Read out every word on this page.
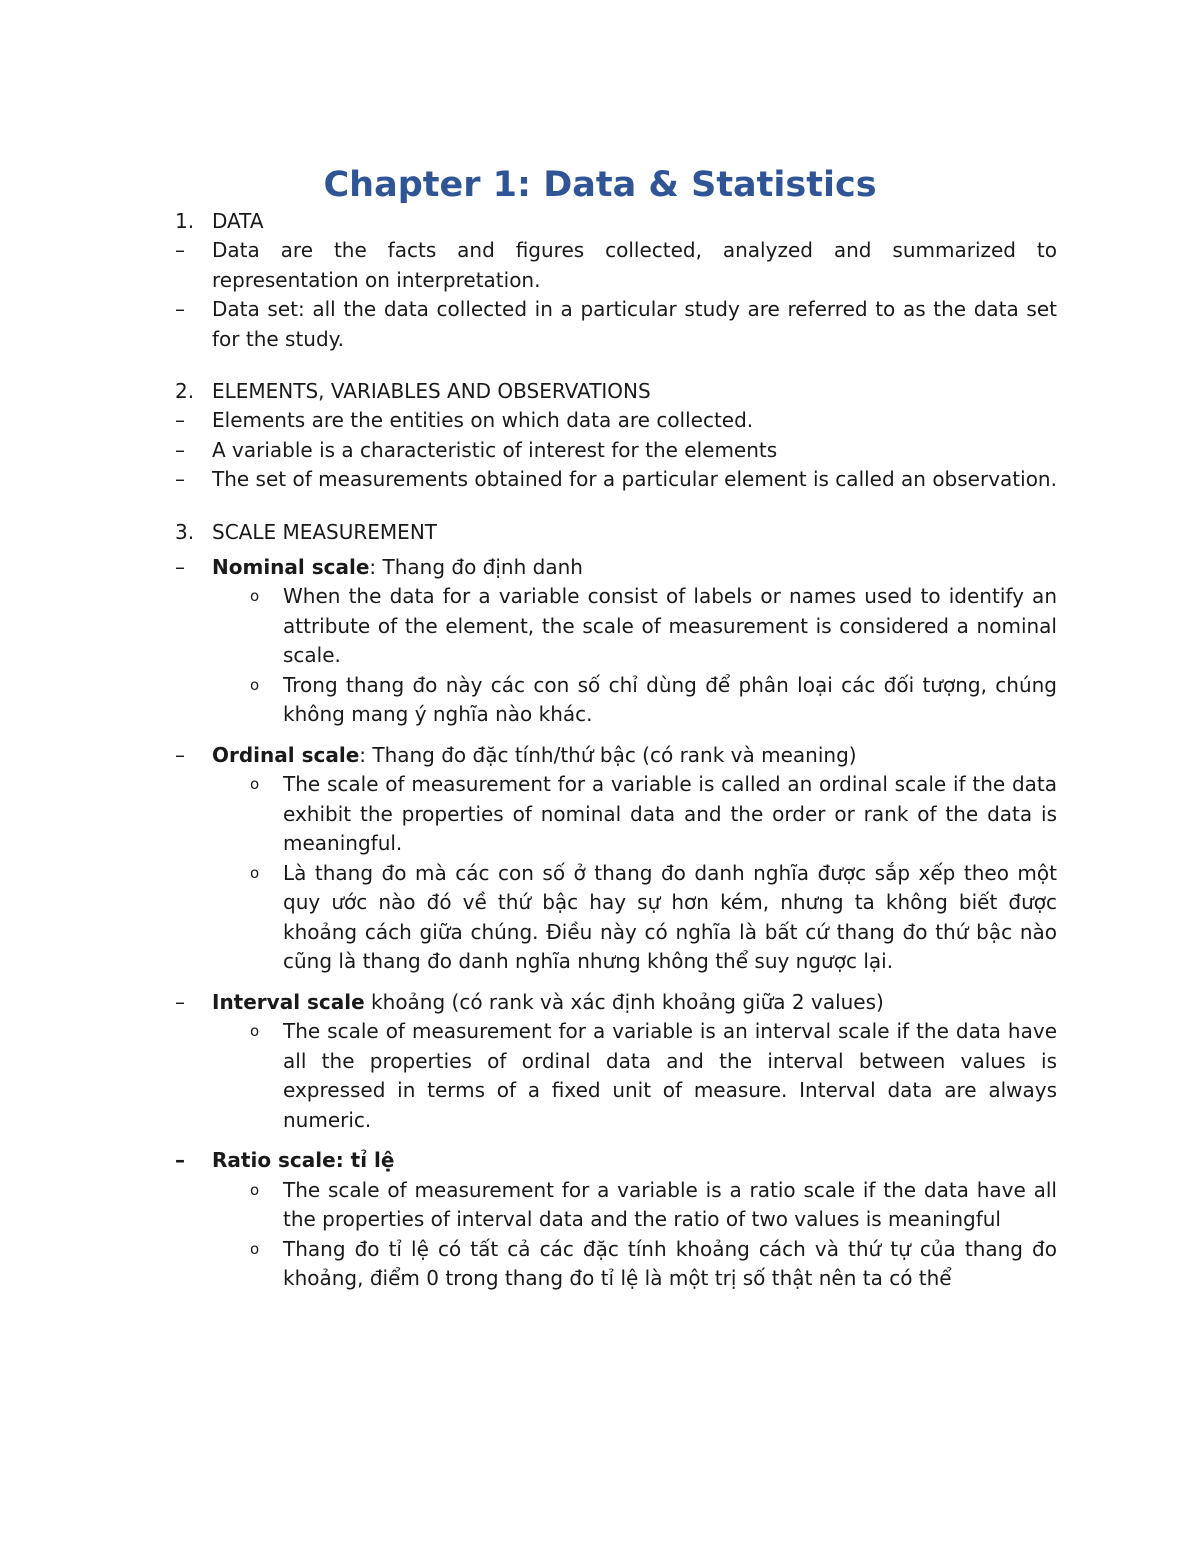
Chapter 1: Data & Statistics
1. DATA
– Data are the facts and figures collected, analyzed and summarized to representation on interpretation.
– Data set: all the data collected in a particular study are referred to as the data set for the study.
2. ELEMENTS, VARIABLES AND OBSERVATIONS
– Elements are the entities on which data are collected.
– A variable is a characteristic of interest for the elements
– The set of measurements obtained for a particular element is called an observation.
3. SCALE MEASUREMENT
– Nominal scale: Thang đo định danh
o When the data for a variable consist of labels or names used to identify an attribute of the element, the scale of measurement is considered a nominal scale.
o Trong thang đo này các con số chỉ dùng để phân loại các đối tượng, chúng không mang ý nghĩa nào khác.
– Ordinal scale: Thang đo đặc tính/thứ bậc (có rank và meaning)
o The scale of measurement for a variable is called an ordinal scale if the data exhibit the properties of nominal data and the order or rank of the data is meaningful.
o Là thang đo mà các con số ở thang đo danh nghĩa được sắp xếp theo một quy ước nào đó về thứ bậc hay sự hơn kém, nhưng ta không biết được khoảng cách giữa chúng. Điều này có nghĩa là bất cứ thang đo thứ bậc nào cũng là thang đo danh nghĩa nhưng không thể suy ngược lại.
– Interval scale khoảng (có rank và xác định khoảng giữa 2 values)
o The scale of measurement for a variable is an interval scale if the data have all the properties of ordinal data and the interval between values is expressed in terms of a fixed unit of measure. Interval data are always numeric.
– Ratio scale: tỉ lệ
o The scale of measurement for a variable is a ratio scale if the data have all the properties of interval data and the ratio of two values is meaningful
o Thang đo tỉ lệ có tất cả các đặc tính khoảng cách và thứ tự của thang đo khoảng, điểm 0 trong thang đo tỉ lệ là một trị số thật nên ta có thể
